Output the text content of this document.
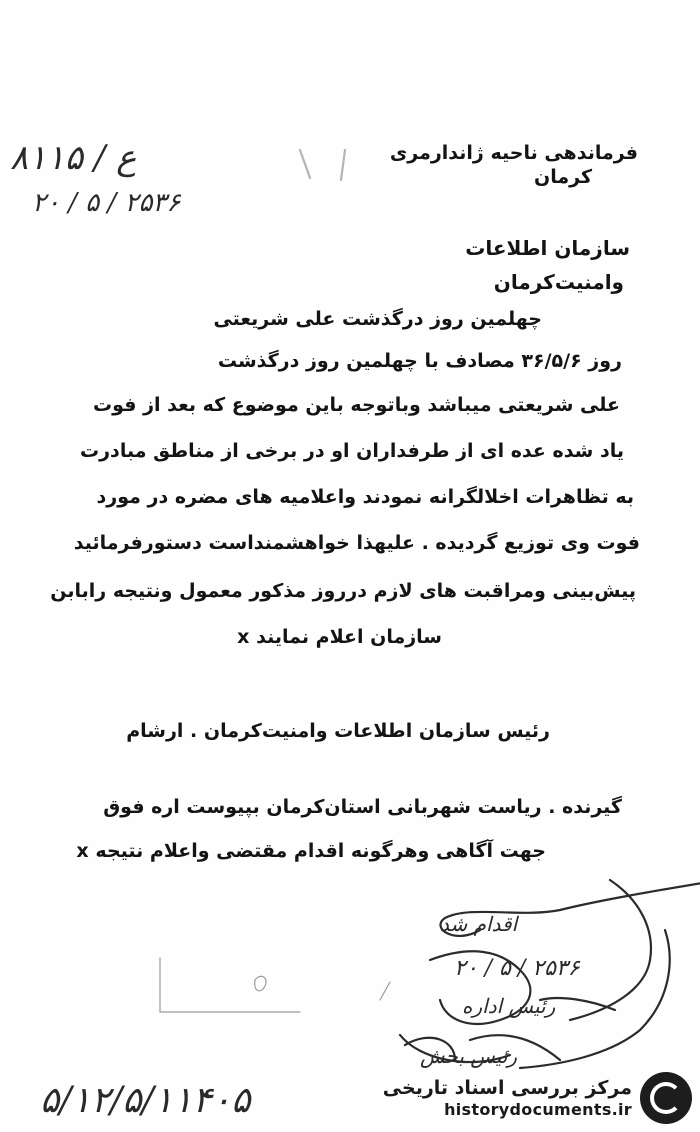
۸۱۱۵ / ع
۲۰ / ۵ / ۲۵۳۶
فرماندهی ناحیه ژاندارمری
کرمان
سازمان اطلاعات
وامنیت‌کرمان
چهلمین روز درگذشت علی شریعتی
روز ۳۶/۵/۶ مصادف با چهلمین روز درگذشت
علی شریعتی میباشد وباتوجه باین موضوع که بعد از فوت
یاد شده عده ای از طرفداران او در برخی از مناطق مبادرت
به تظاهرات اخلالگرانه نمودند واعلامیه های مضره در مورد
فوت وی توزیع گردیده . علیهذا خواهشمنداست دستورفرمائید
پیش‌بینی ومراقبت های لازم درروز مذکور معمول ونتیجه رابابن
سازمان اعلام نمایند x
رئیس سازمان اطلاعات وامنیت‌کرمان . ارشام
گیرنده . ریاست شهربانی استان‌کرمان بپیوست اره فوق
جهت آگاهی وهرگونه اقدام مقتضی واعلام نتیجه x
اقدام شد
۲۰ / ۵ / ۲۵۳۶
رئیس اداره
رئیس بخش
۵/۱۲/۵/۱۱۴۰۵	مرکز بررسی اسناد تاریخی
historydocuments.ir
